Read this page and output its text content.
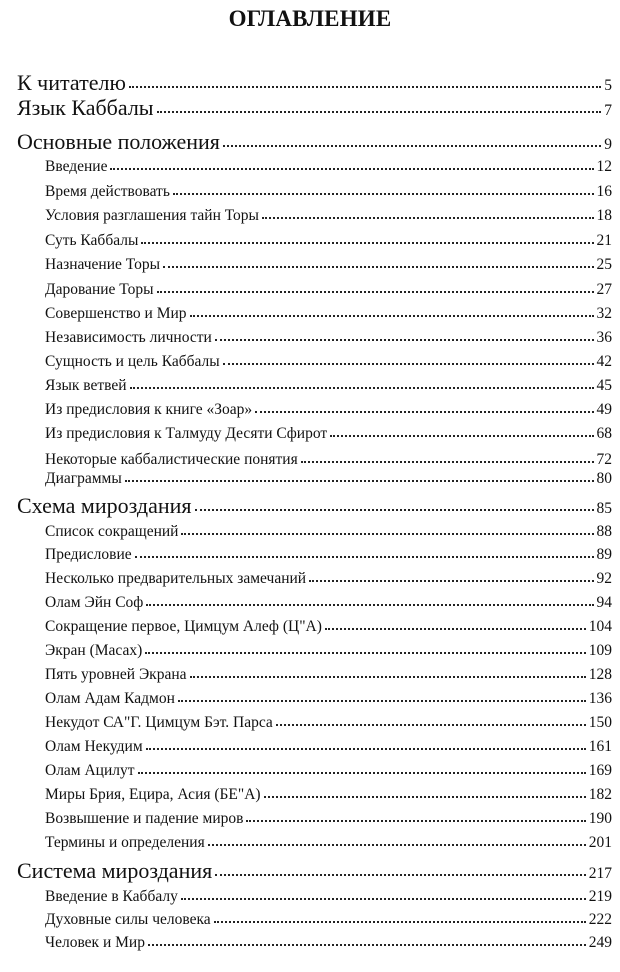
ОГЛАВЛЕНИЕ
К читателю	5
Язык Каббалы	7
Основные положения	9
Введение	12
Время действовать	16
Условия разглашения тайн Торы	18
Суть Каббалы	21
Назначение Торы	25
Дарование Торы	27
Совершенство и Мир	32
Независимость личности	36
Сущность и цель Каббалы	42
Язык ветвей	45
Из предисловия к книге «Зоар»	49
Из предисловия к Талмуду Десяти Сфирот	68
Некоторые каббалистические понятия	72
Диаграммы	80
Схема мироздания	85
Список сокращений	88
Предисловие	89
Несколько предварительных замечаний	92
Олам Эйн Соф	94
Сокращение первое, Цимцум Алеф (Ц"А)	104
Экран (Масах)	109
Пять уровней Экрана	128
Олам Адам Кадмон	136
Некудот СА"Г. Цимцум Бэт. Парса	150
Олам Некудим	161
Олам Ацилут	169
Миры Брия, Ецира, Асия (БЕ"А)	182
Возвышение и падение миров	190
Термины и определения	201
Система мироздания	217
Введение в Каббалу	219
Духовные силы человека	222
Человек и Мир	249
